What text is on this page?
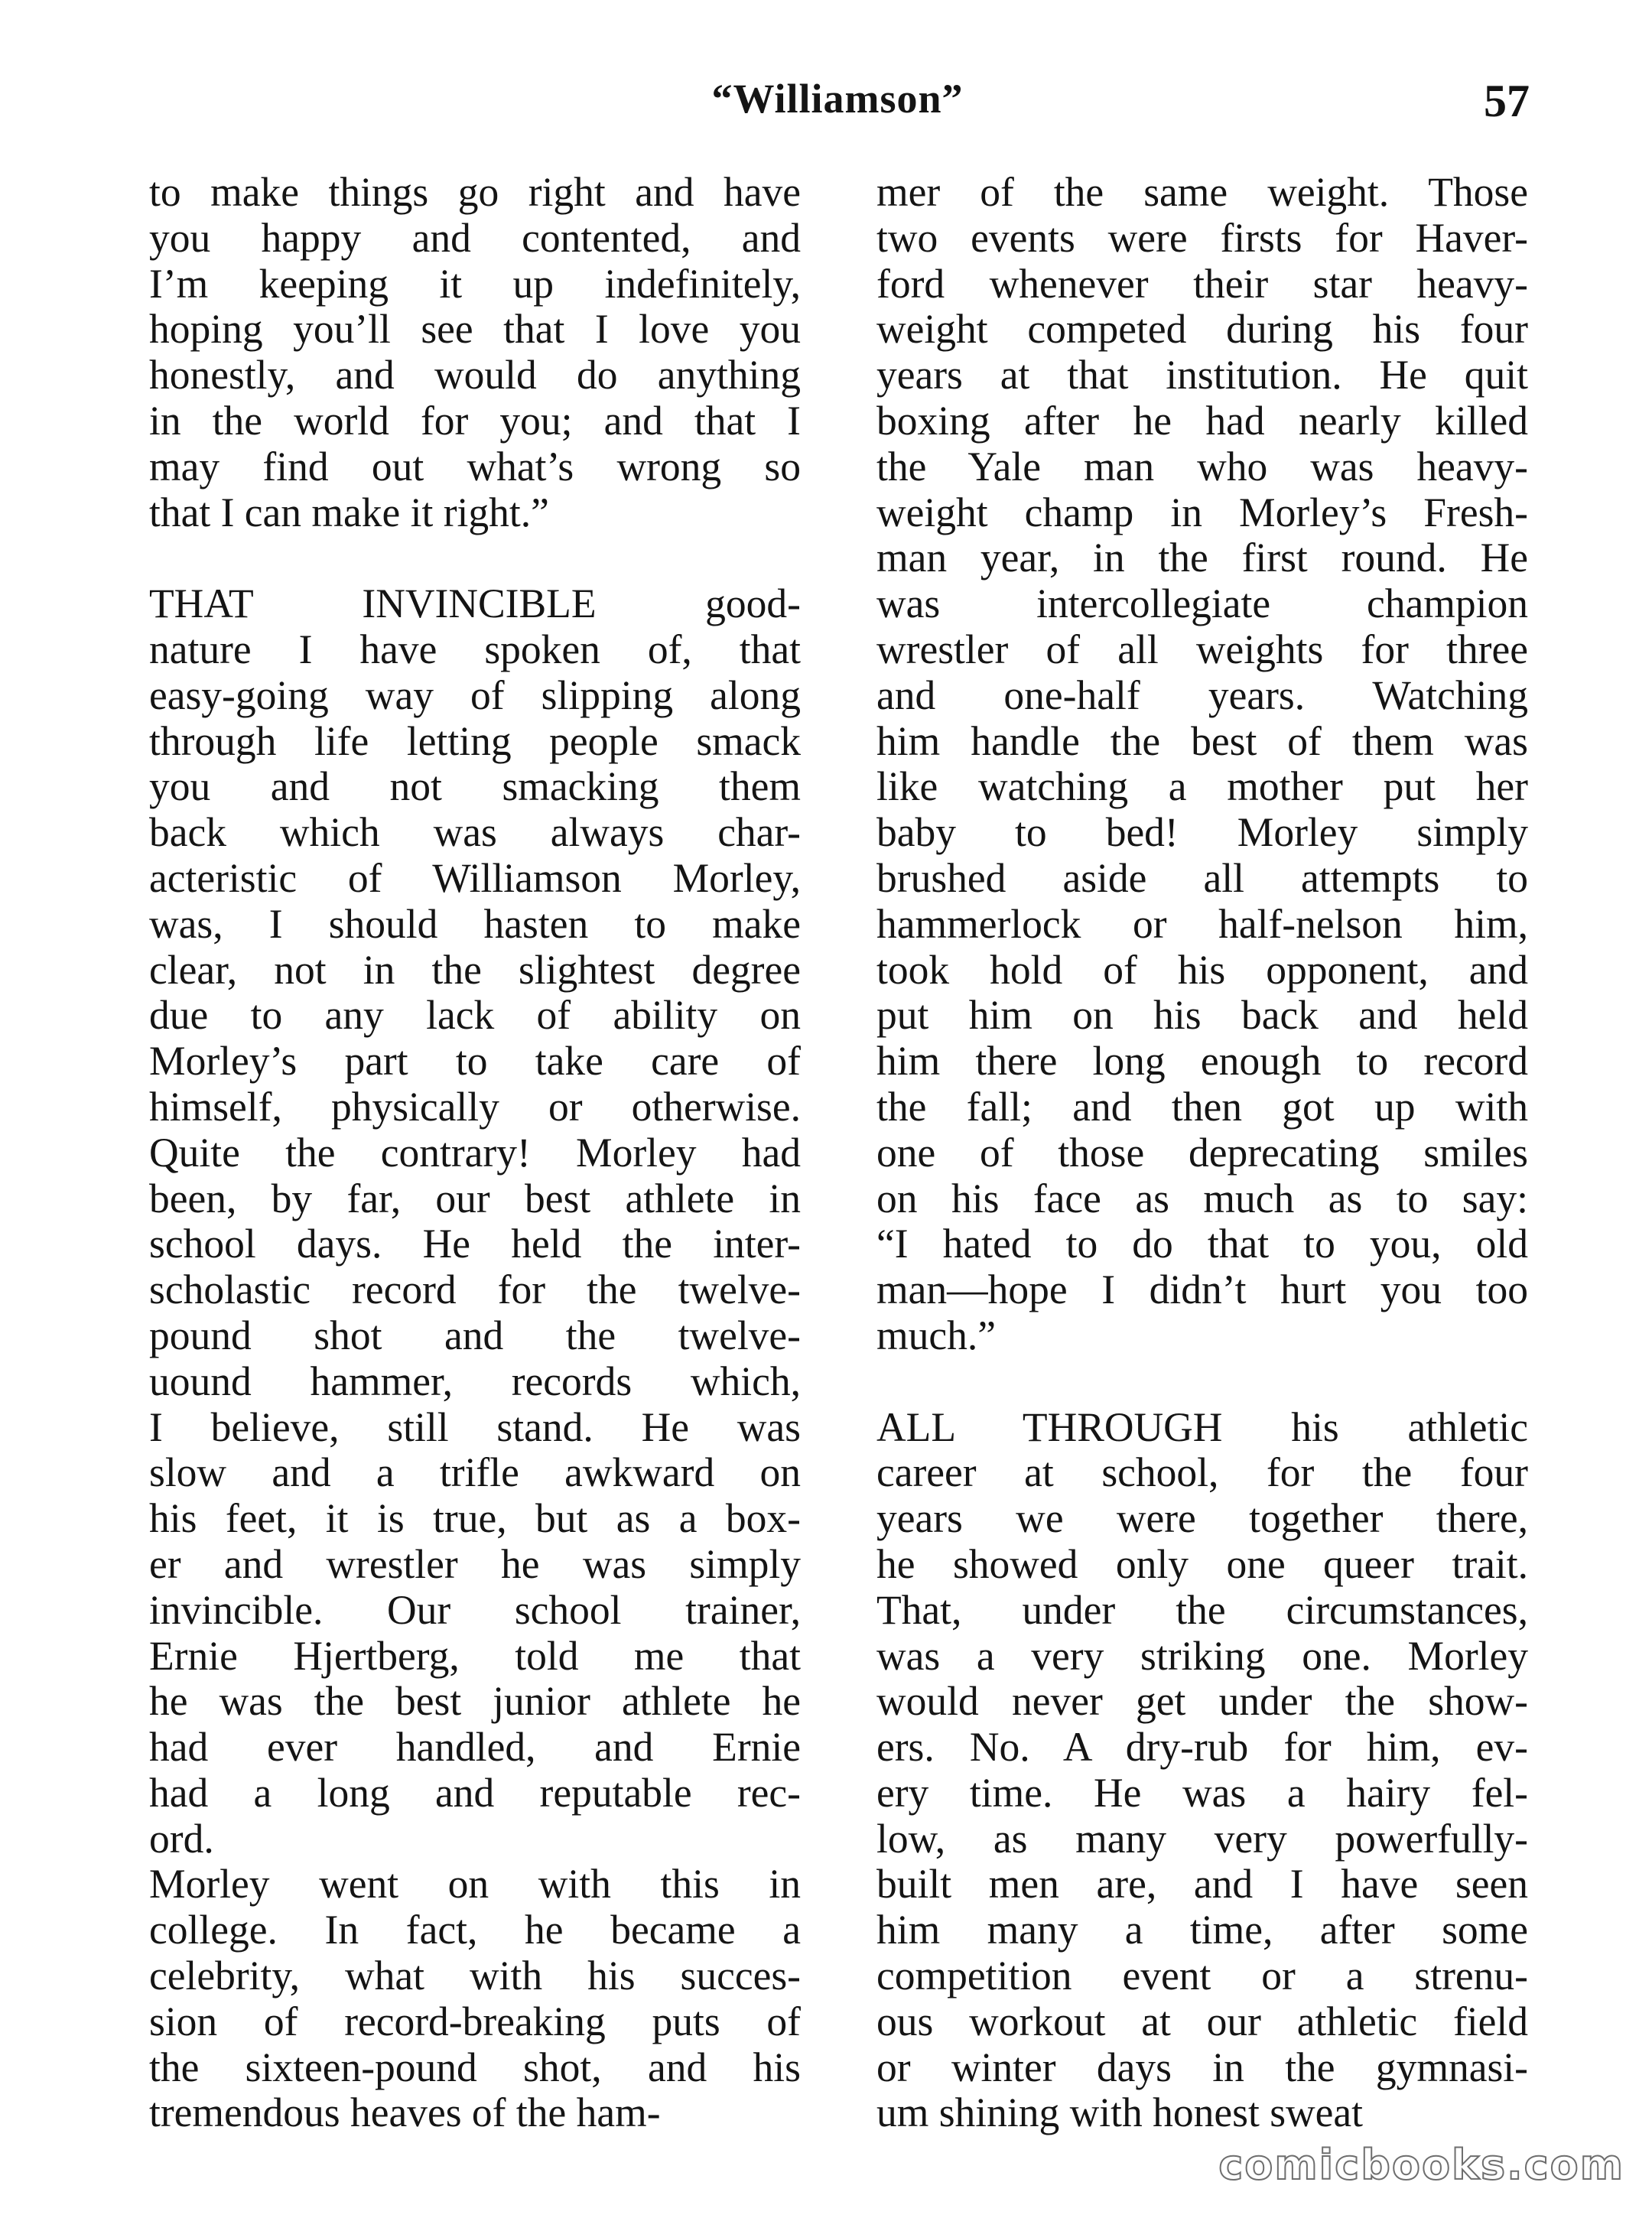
“Williamson”	57
to make things go right and have
you happy and contented, and
I’m keeping it up indefinitely,
hoping you’ll see that I love you
honestly, and would do anything
in the world for you; and that I
may find out what’s wrong so
that I can make it right.”
THAT INVINCIBLE good-
nature I have spoken of, that
easy-going way of slipping along
through life letting people smack
you and not smacking them
back which was always char-
acteristic of Williamson Morley,
was, I should hasten to make
clear, not in the slightest degree
due to any lack of ability on
Morley’s part to take care of
himself, physically or otherwise.
Quite the contrary! Morley had
been, by far, our best athlete in
school days. He held the inter-
scholastic record for the twelve-
pound shot and the twelve-
uound hammer, records which,
I believe, still stand. He was
slow and a trifle awkward on
his feet, it is true, but as a box-
er and wrestler he was simply
invincible. Our school trainer,
Ernie Hjertberg, told me that
he was the best junior athlete he
had ever handled, and Ernie
had a long and reputable rec-
ord.
Morley went on with this in
college. In fact, he became a
celebrity, what with his succes-
sion of record-breaking puts of
the sixteen-pound shot, and his
tremendous heaves of the ham-
mer of the same weight. Those
two events were firsts for Haver-
ford whenever their star heavy-
weight competed during his four
years at that institution. He quit
boxing after he had nearly killed
the Yale man who was heavy-
weight champ in Morley’s Fresh-
man year, in the first round. He
was intercollegiate champion
wrestler of all weights for three
and one-half years. Watching
him handle the best of them was
like watching a mother put her
baby to bed! Morley simply
brushed aside all attempts to
hammerlock or half-nelson him,
took hold of his opponent, and
put him on his back and held
him there long enough to record
the fall; and then got up with
one of those deprecating smiles
on his face as much as to say:
“I hated to do that to you, old
man—hope I didn’t hurt you too
much.”
ALL THROUGH his athletic
career at school, for the four
years we were together there,
he showed only one queer trait.
That, under the circumstances,
was a very striking one. Morley
would never get under the show-
ers. No. A dry-rub for him, ev-
ery time. He was a hairy fel-
low, as many very powerfully-
built men are, and I have seen
him many a time, after some
competition event or a strenu-
ous workout at our athletic field
or winter days in the gymnasi-
um shining with honest sweat
comicbooks.com
